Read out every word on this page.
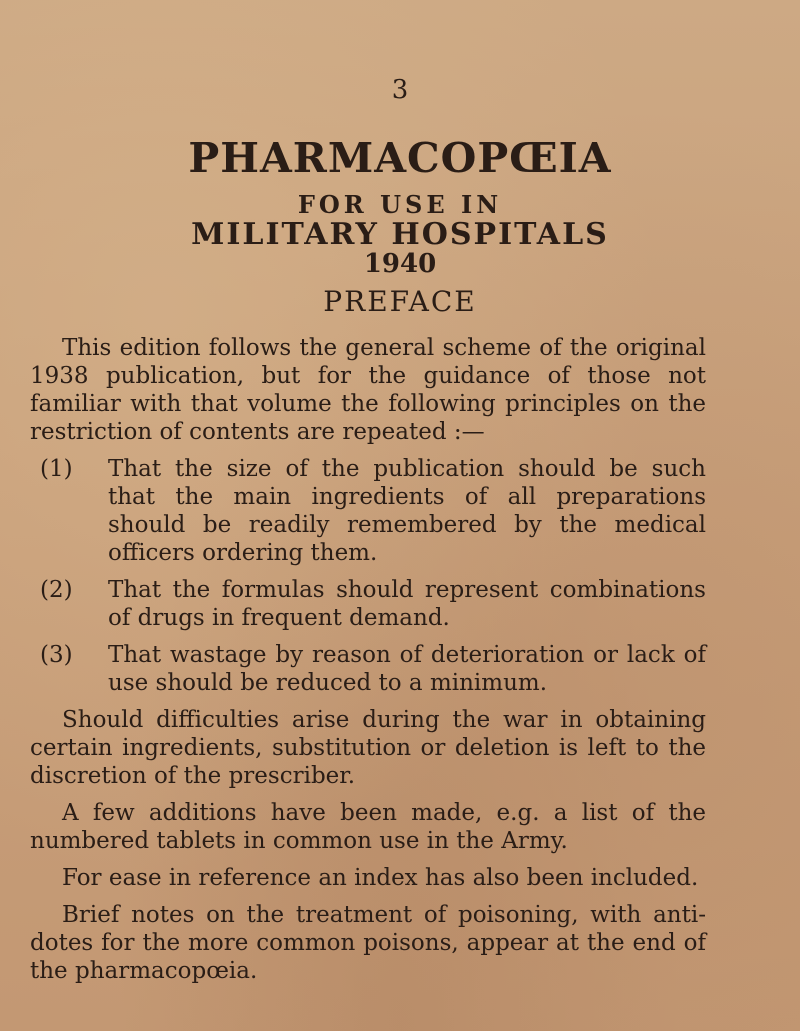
3
PHARMACOPŒIA
FOR USE IN
MILITARY HOSPITALS
1940
PREFACE

This edition follows the general scheme of the original 1938 publication, but for the guidance of those not familiar with that volume the following principles on the restriction of contents are repeated :—

(1) That the size of the publication should be such that the main ingredients of all preparations should be readily remembered by the medical officers ordering them.
(2) That the formulas should represent combinations of drugs in frequent demand.
(3) That wastage by reason of deterioration or lack of use should be reduced to a minimum.

Should difficulties arise during the war in obtaining certain ingredients, substitution or deletion is left to the discretion of the prescriber.

A few additions have been made, e.g. a list of the numbered tablets in common use in the Army.

For ease in reference an index has also been included.

Brief notes on the treatment of poisoning, with anti-dotes for the more common poisons, appear at the end of the pharmacopœia.
